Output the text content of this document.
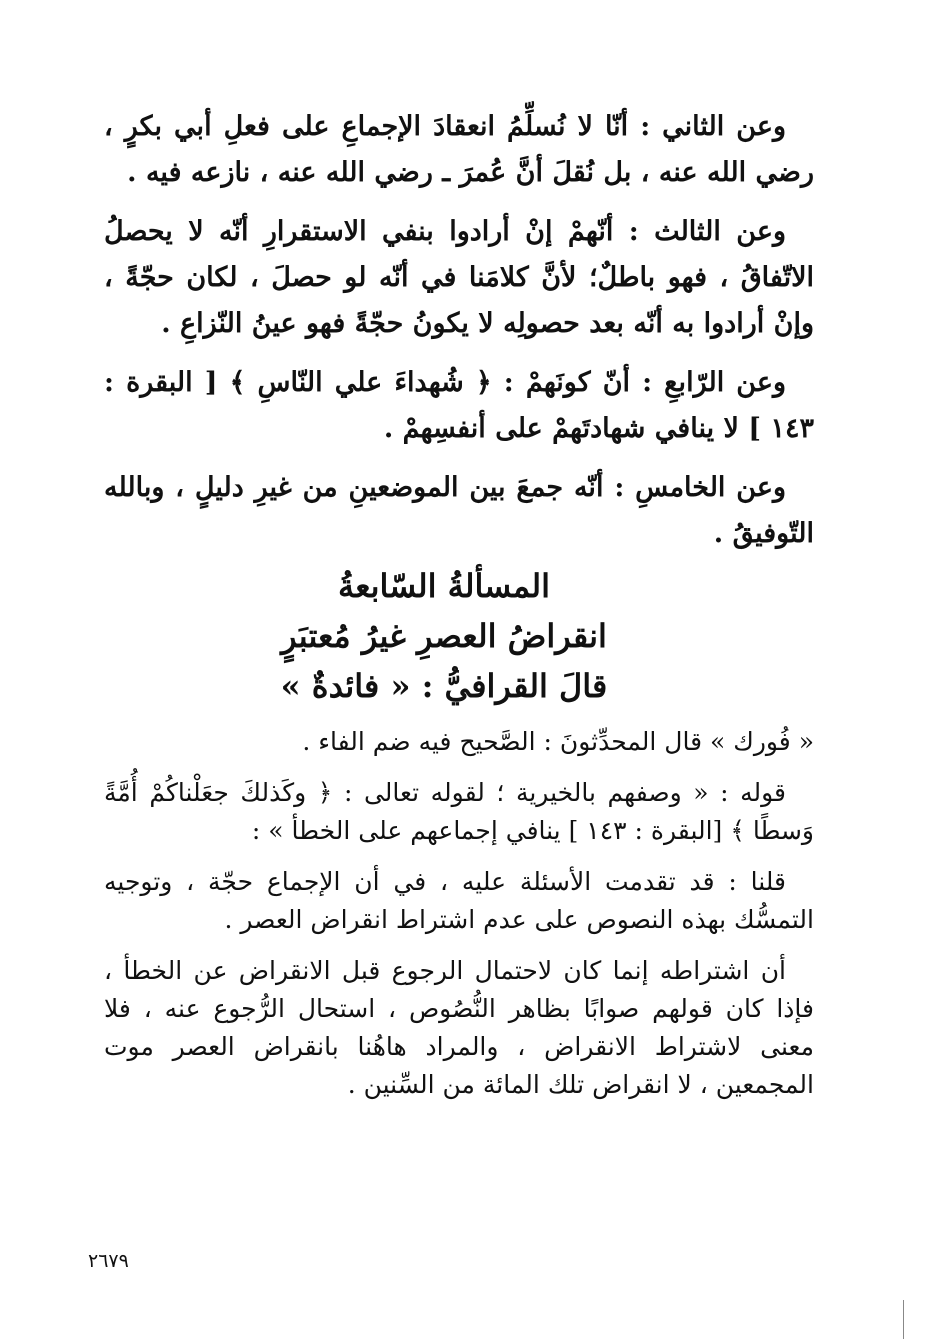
وعن الثاني : أنّا لا نُسلِّمُ انعقادَ الإجماعِ على فعلِ أبي بكرٍ ، رضي الله عنه ، بل نُقلَ أنَّ عُمرَ ـ رضي الله عنه ، نازعه فيه .

وعن الثالث : أنّهمْ إنْ أرادوا بنفي الاستقرارِ أنّه لا يحصلُ الاتّفاقُ ، فهو باطلٌ؛ لأنَّ كلامَنا في أنّه لو حصلَ ، لكان حجّةً ، وإنْ أرادوا به أنّه بعد حصولِه لا يكونُ حجّةً فهو عينُ النّزاعِ .

وعن الرّابعِ : أنّ كونَهمْ : ﴿ شُهداءَ علي النّاسِ ﴾ [ البقرة : ١٤٣ ] لا ينافي شهادتَهمْ على أنفسِهمْ .

وعن الخامسِ : أنّه جمعَ بين الموضعينِ من غيرِ دليلٍ ، وبالله التّوفيقُ .

المسألةُ السّابعةُ

انقراضُ العصرِ غيرُ مُعتبَرٍ

قالَ القرافيُّ : « فائدةٌ »

« فُورك » قال المحدِّثونَ : الصَّحيح فيه ضم الفاء .

قوله : « وصفهم بالخيرية ؛ لقوله تعالى : ﴿ وكَذلكَ جعَلْناكُمْ أُمَّةً وَسطًا ﴾ [البقرة : ١٤٣ ] ينافي إجماعهم على الخطأ » :

قلنا : قد تقدمت الأسئلة عليه ، في أن الإجماع حجّة ، وتوجيه التمسُّك بهذه النصوص على عدم اشتراط انقراض العصر .

أن اشتراطه إنما كان لاحتمال الرجوع قبل الانقراض عن الخطأ ، فإذا كان قولهم صوابًا بظاهر النُّصُوص ، استحال الرُّجوع عنه ، فلا معنى لاشتراط الانقراض ، والمراد هاهُنا بانقراض العصر موت المجمعين ، لا انقراض تلك المائة من السِّنين .

٢٦٧٩
